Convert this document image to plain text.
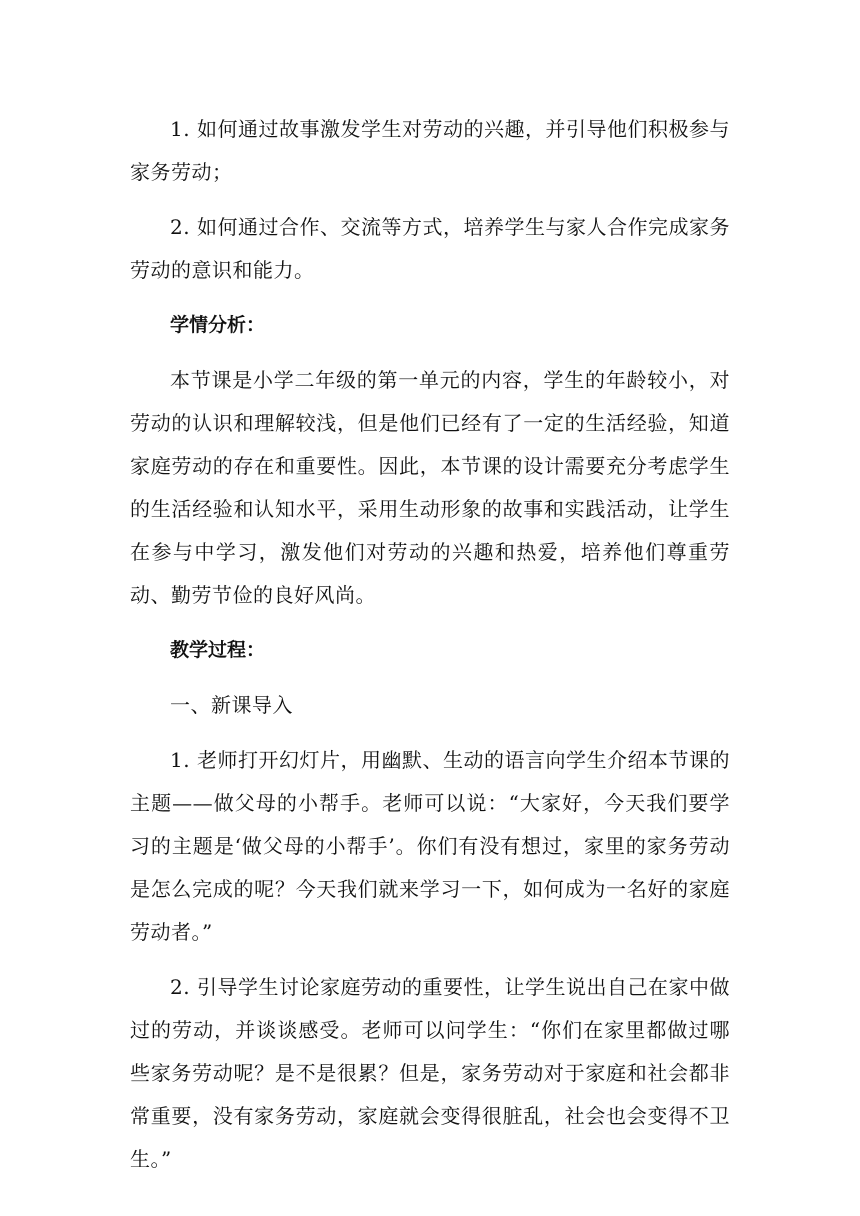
1. 如何通过故事激发学生对劳动的兴趣，并引导他们积极参与家务劳动；

2. 如何通过合作、交流等方式，培养学生与家人合作完成家务劳动的意识和能力。

学情分析：

本节课是小学二年级的第一单元的内容，学生的年龄较小，对劳动的认识和理解较浅，但是他们已经有了一定的生活经验，知道家庭劳动的存在和重要性。因此，本节课的设计需要充分考虑学生的生活经验和认知水平，采用生动形象的故事和实践活动，让学生在参与中学习，激发他们对劳动的兴趣和热爱，培养他们尊重劳动、勤劳节俭的良好风尚。

教学过程：

一、新课导入

1. 老师打开幻灯片，用幽默、生动的语言向学生介绍本节课的主题——做父母的小帮手。老师可以说：“大家好，今天我们要学习的主题是‘做父母的小帮手’。你们有没有想过，家里的家务劳动是怎么完成的呢？今天我们就来学习一下，如何成为一名好的家庭劳动者。”

2. 引导学生讨论家庭劳动的重要性，让学生说出自己在家中做过的劳动，并谈谈感受。老师可以问学生：“你们在家里都做过哪些家务劳动呢？是不是很累？但是，家务劳动对于家庭和社会都非常重要，没有家务劳动，家庭就会变得很脏乱，社会也会变得不卫生。”
